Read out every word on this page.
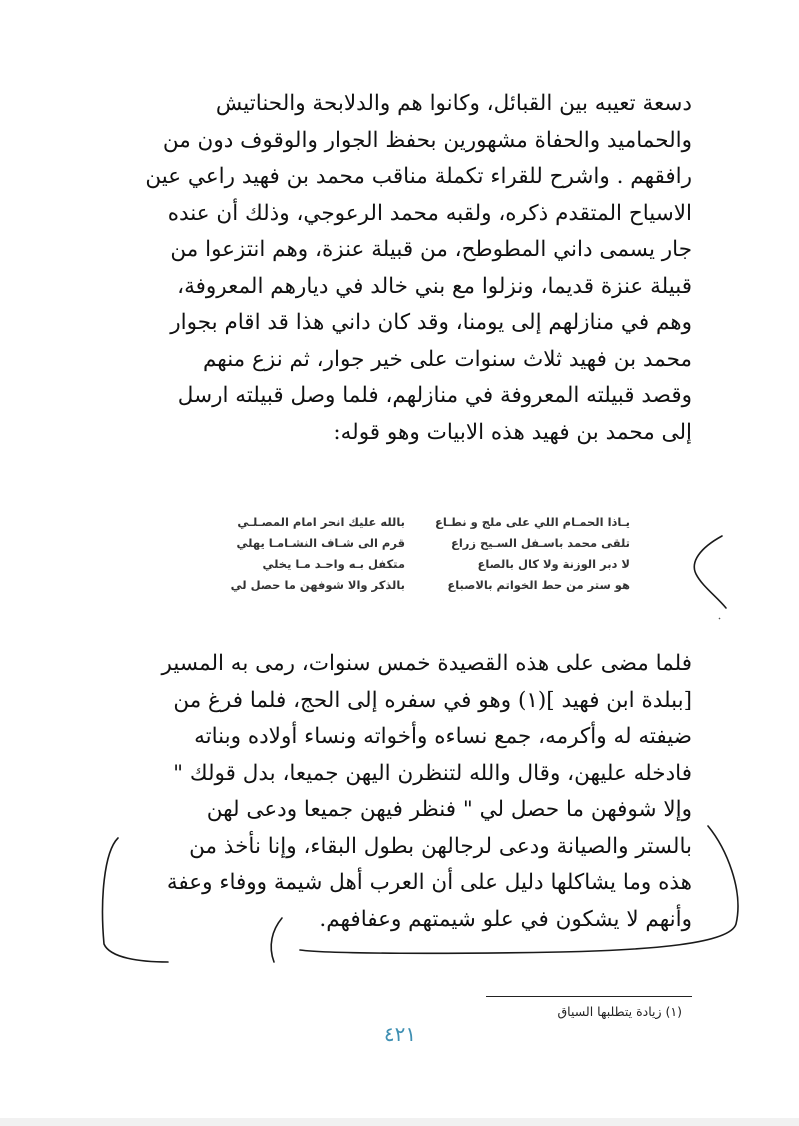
دسعة تعيبه بين القبائل، وكانوا هم والدلابحة والحناتيش
والحماميد والحفاة مشهورين بحفظ الجوار والوقوف دون من
رافقهم . واشرح للقراء تكملة مناقب محمد بن فهيد راعي عين
الاسياح المتقدم ذكره، ولقبه محمد الرعوجي، وذلك أن عنده
جار يسمى داني المطوطح، من قبيلة عنزة، وهم انتزعوا من
قبيلة عنزة قديما، ونزلوا مع بني خالد في ديارهم المعروفة،
وهم في منازلهم إلى يومنا، وقد كان داني هذا قد اقام بجوار
محمد بن فهيد ثلاث سنوات على خير جوار، ثم نزع منهم
وقصد قبيلته المعروفة في منازلهم، فلما وصل قبيلته ارسل
إلى محمد بن فهيد هذه الابيات وهو قوله:
يـاذا الحمـام اللي على ملج و نطـاع
بالله عليك انحر امام المصـلـي
تلقى محمد باسـفل السـيح زراع
قرم الى شـاف النشـامـا يهلي
لا دبر الوزنة ولا كال بالصاع
متكفل بـه واحـد مـا يخلي
هو ستر من حط الخواتم بالاصباع
بالذكر والا شوفهن ما حصل لي
فلما مضى على هذه القصيدة خمس سنوات، رمى به المسير
[ببلدة ابن فهيد ](١) وهو في سفره إلى الحج، فلما فرغ من
ضيفته له وأكرمه، جمع نساءه وأخواته ونساء أولاده وبناته
فادخله عليهن، وقال والله لتنظرن اليهن جميعا، بدل قولك "
وإلا شوفهن ما حصل لي " فنظر فيهن جميعا ودعى لهن
بالستر والصيانة ودعى لرجالهن بطول البقاء، وإنا نأخذ من
هذه وما يشاكلها دليل على أن العرب أهل شيمة ووفاء وعفة
وأنهم لا يشكون في علو شيمتهم وعفافهم.
(١) زيادة يتطلبها السياق
٤٢١
